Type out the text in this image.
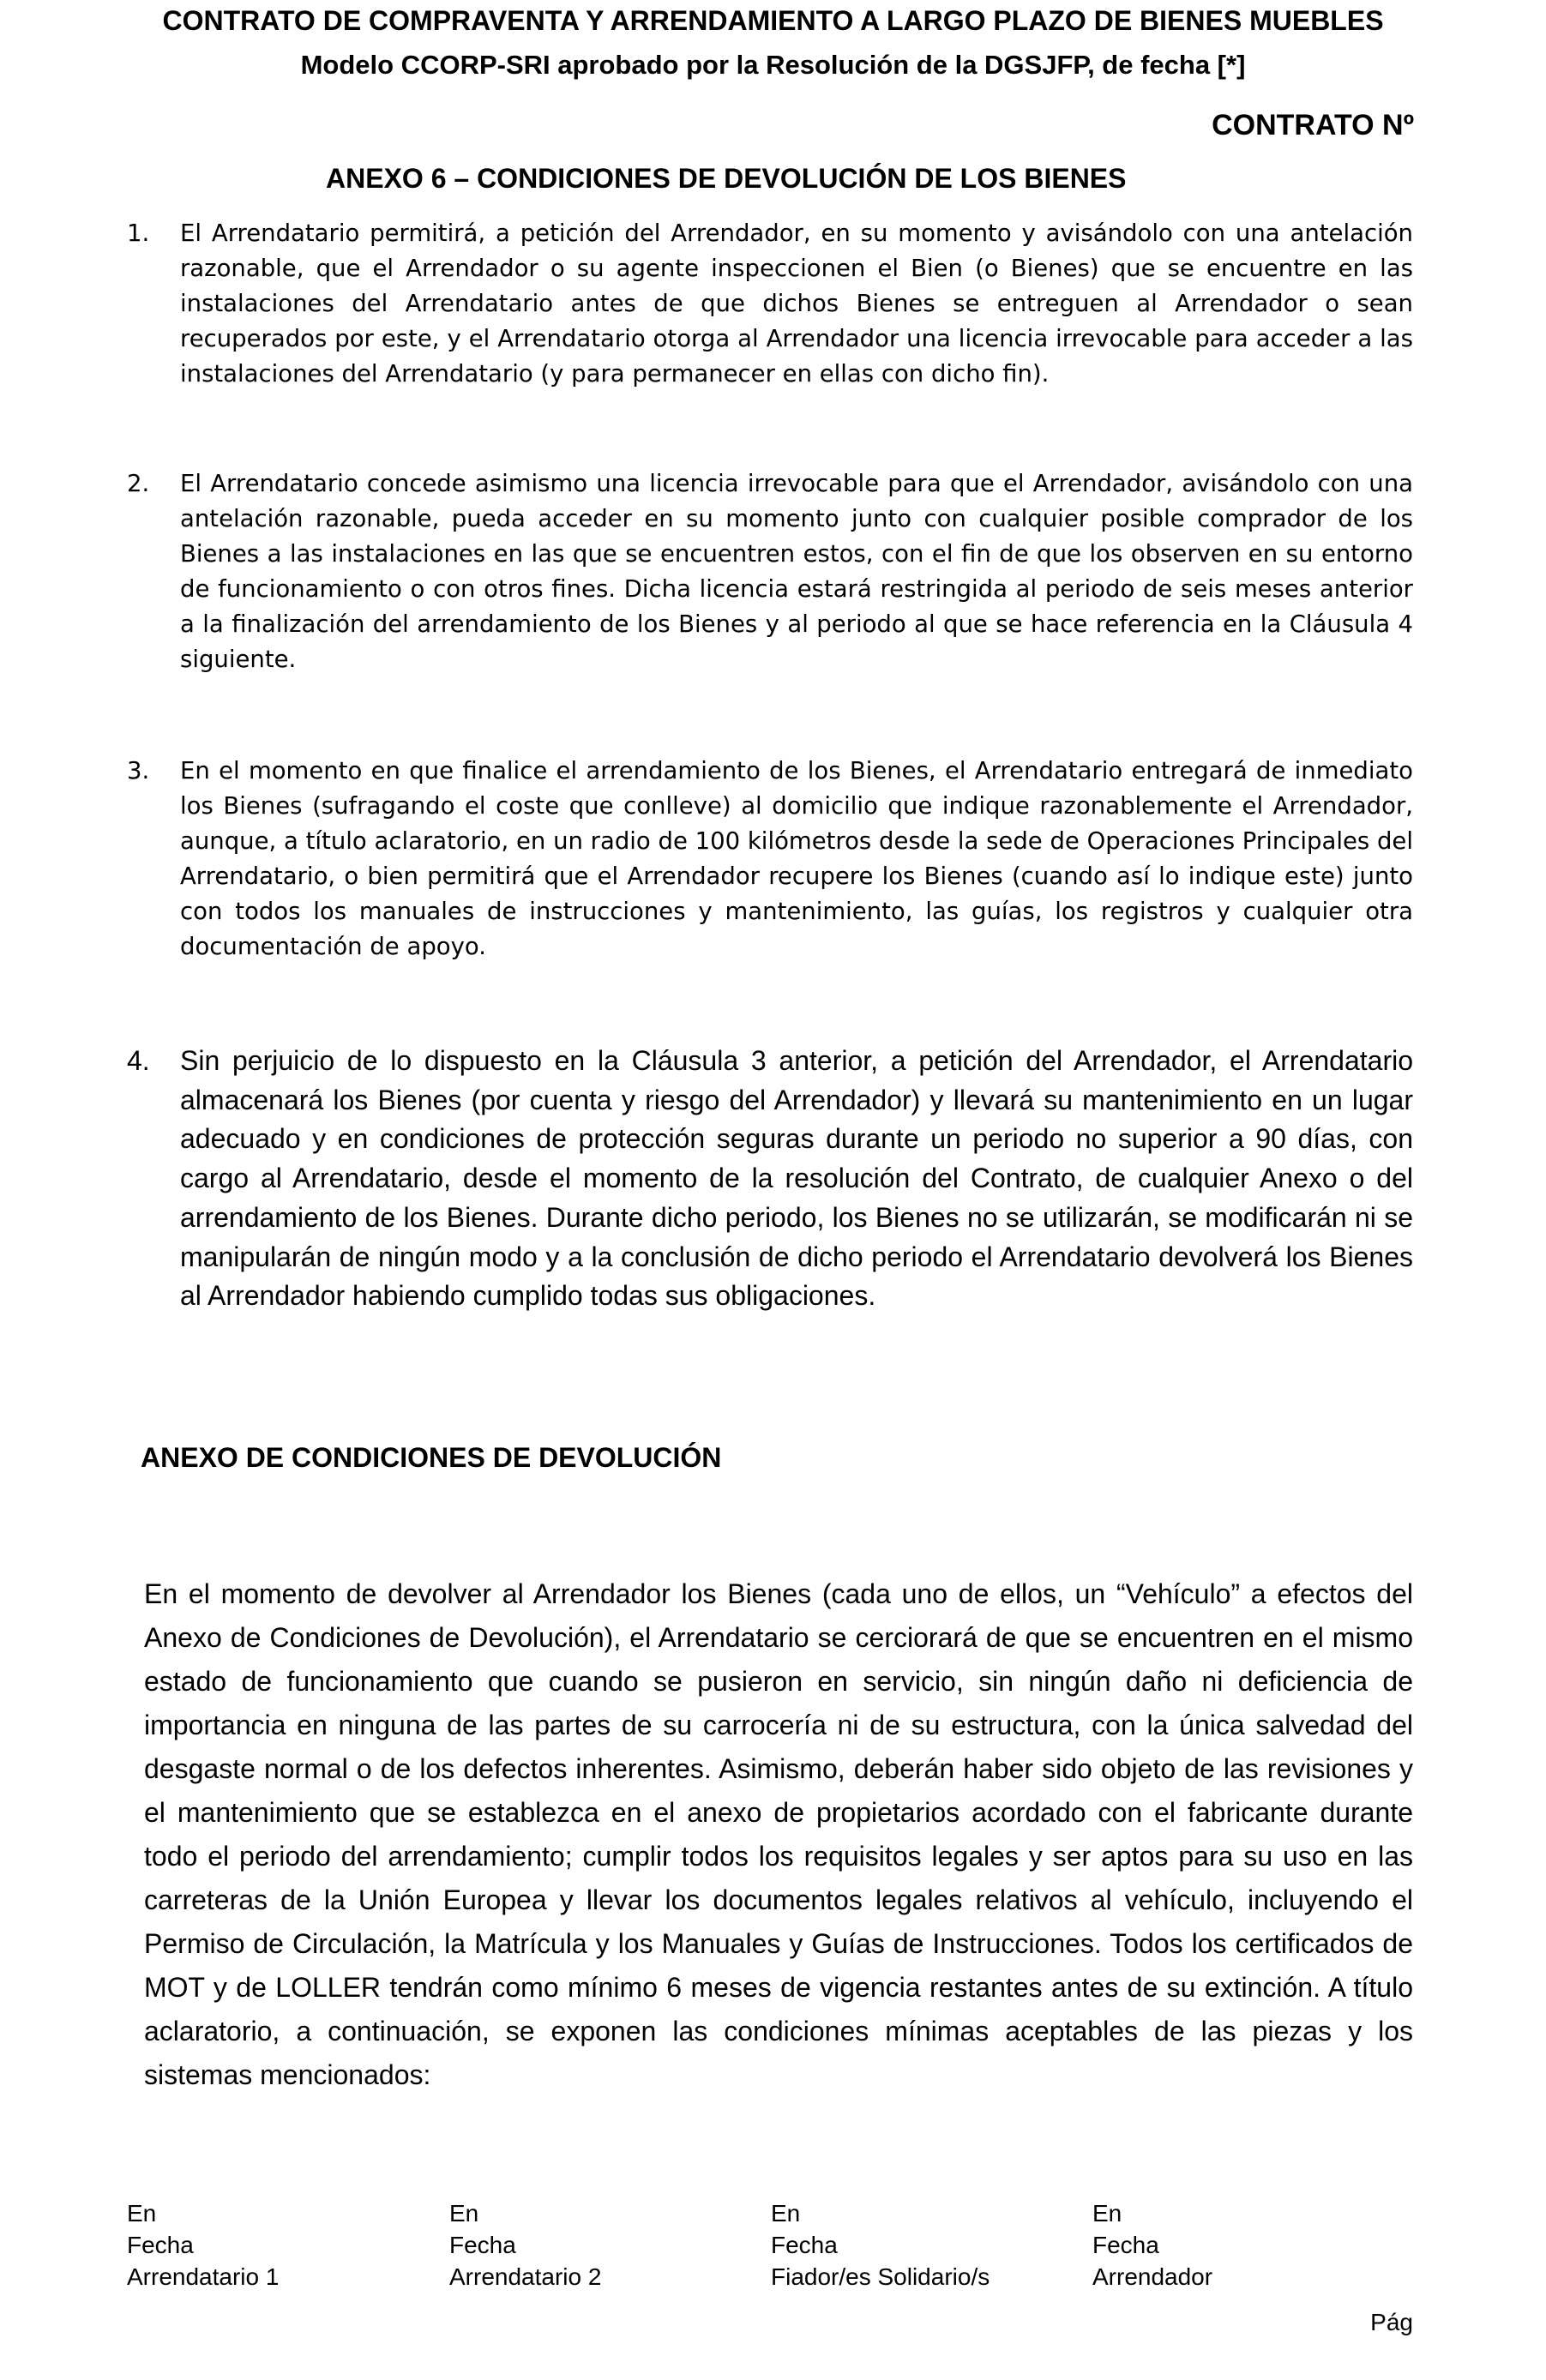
CONTRATO DE COMPRAVENTA Y ARRENDAMIENTO A LARGO PLAZO DE BIENES MUEBLES
Modelo CCORP-SRI aprobado por la Resolución de la DGSJFP, de fecha [*]
CONTRATO Nº
ANEXO 6 – CONDICIONES DE DEVOLUCIÓN DE LOS BIENES
1. El Arrendatario permitirá, a petición del Arrendador, en su momento y avisándolo con una antelación razonable, que el Arrendador o su agente inspeccionen el Bien (o Bienes) que se encuentre en las instalaciones del Arrendatario antes de que dichos Bienes se entreguen al Arrendador o sean recuperados por este, y el Arrendatario otorga al Arrendador una licencia irrevocable para acceder a las instalaciones del Arrendatario (y para permanecer en ellas con dicho fin).
2. El Arrendatario concede asimismo una licencia irrevocable para que el Arrendador, avisándolo con una antelación razonable, pueda acceder en su momento junto con cualquier posible comprador de los Bienes a las instalaciones en las que se encuentren estos, con el fin de que los observen en su entorno de funcionamiento o con otros fines. Dicha licencia estará restringida al periodo de seis meses anterior a la finalización del arrendamiento de los Bienes y al periodo al que se hace referencia en la Cláusula 4 siguiente.
3. En el momento en que finalice el arrendamiento de los Bienes, el Arrendatario entregará de inmediato los Bienes (sufragando el coste que conlleve) al domicilio que indique razonablemente el Arrendador, aunque, a título aclaratorio, en un radio de 100 kilómetros desde la sede de Operaciones Principales del Arrendatario, o bien permitirá que el Arrendador recupere los Bienes (cuando así lo indique este) junto con todos los manuales de instrucciones y mantenimiento, las guías, los registros y cualquier otra documentación de apoyo.
4. Sin perjuicio de lo dispuesto en la Cláusula 3 anterior, a petición del Arrendador, el Arrendatario almacenará los Bienes (por cuenta y riesgo del Arrendador) y llevará su mantenimiento en un lugar adecuado y en condiciones de protección seguras durante un periodo no superior a 90 días, con cargo al Arrendatario, desde el momento de la resolución del Contrato, de cualquier Anexo o del arrendamiento de los Bienes. Durante dicho periodo, los Bienes no se utilizarán, se modificarán ni se manipularán de ningún modo y a la conclusión de dicho periodo el Arrendatario devolverá los Bienes al Arrendador habiendo cumplido todas sus obligaciones.
ANEXO DE CONDICIONES DE DEVOLUCIÓN
En el momento de devolver al Arrendador los Bienes (cada uno de ellos, un “Vehículo” a efectos del Anexo de Condiciones de Devolución), el Arrendatario se cerciorará de que se encuentren en el mismo estado de funcionamiento que cuando se pusieron en servicio, sin ningún daño ni deficiencia de importancia en ninguna de las partes de su carrocería ni de su estructura, con la única salvedad del desgaste normal o de los defectos inherentes. Asimismo, deberán haber sido objeto de las revisiones y el mantenimiento que se establezca en el anexo de propietarios acordado con el fabricante durante todo el periodo del arrendamiento; cumplir todos los requisitos legales y ser aptos para su uso en las carreteras de la Unión Europea y llevar los documentos legales relativos al vehículo, incluyendo el Permiso de Circulación, la Matrícula y los Manuales y Guías de Instrucciones. Todos los certificados de MOT y de LOLLER tendrán como mínimo 6 meses de vigencia restantes antes de su extinción. A título aclaratorio, a continuación, se exponen las condiciones mínimas aceptables de las piezas y los sistemas mencionados:
En
Fecha
Arrendatario 1
En
Fecha
Arrendatario 2
En
Fecha
Fiador/es Solidario/s
En
Fecha
Arrendador
Pág
